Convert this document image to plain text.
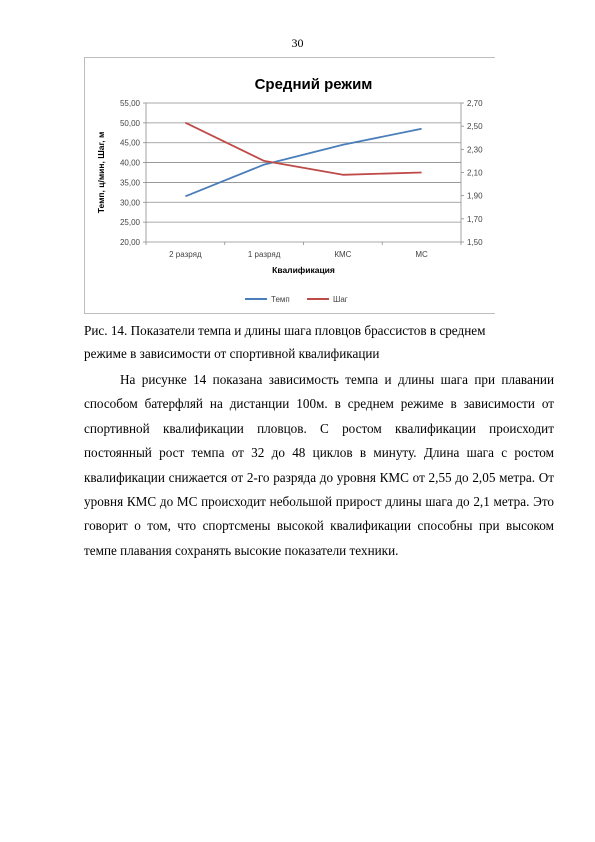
30
Средний режим
20,00
25,00
30,00
35,00
40,00
45,00
50,00
55,00
1,50
1,70
1,90
2,10
2,30
2,50
2,70
2 разряд	1 разряд	КМС	МС
Квалификация
Темп, ц/мин, Шаг, м
Темп	Шаг
Рис. 14. Показатели темпа и длины шага пловцов брассистов в среднем
режиме в зависимости от спортивной квалификации

На рисунке 14 показана зависимость темпа и длины шага при плавании способом батерфляй на дистанции 100м. в среднем режиме в зависимости от спортивной квалификации пловцов. С ростом квалификации происходит постоянный рост темпа от 32 до 48 циклов в минуту. Длина шага с ростом квалификации снижается от 2-го разряда до уровня КМС от 2,55 до 2,05 метра. От уровня КМС до МС происходит небольшой прирост длины шага до 2,1 метра. Это говорит о том, что спортсмены высокой квалификации способны при высоком темпе плавания сохранять высокие показатели техники.
